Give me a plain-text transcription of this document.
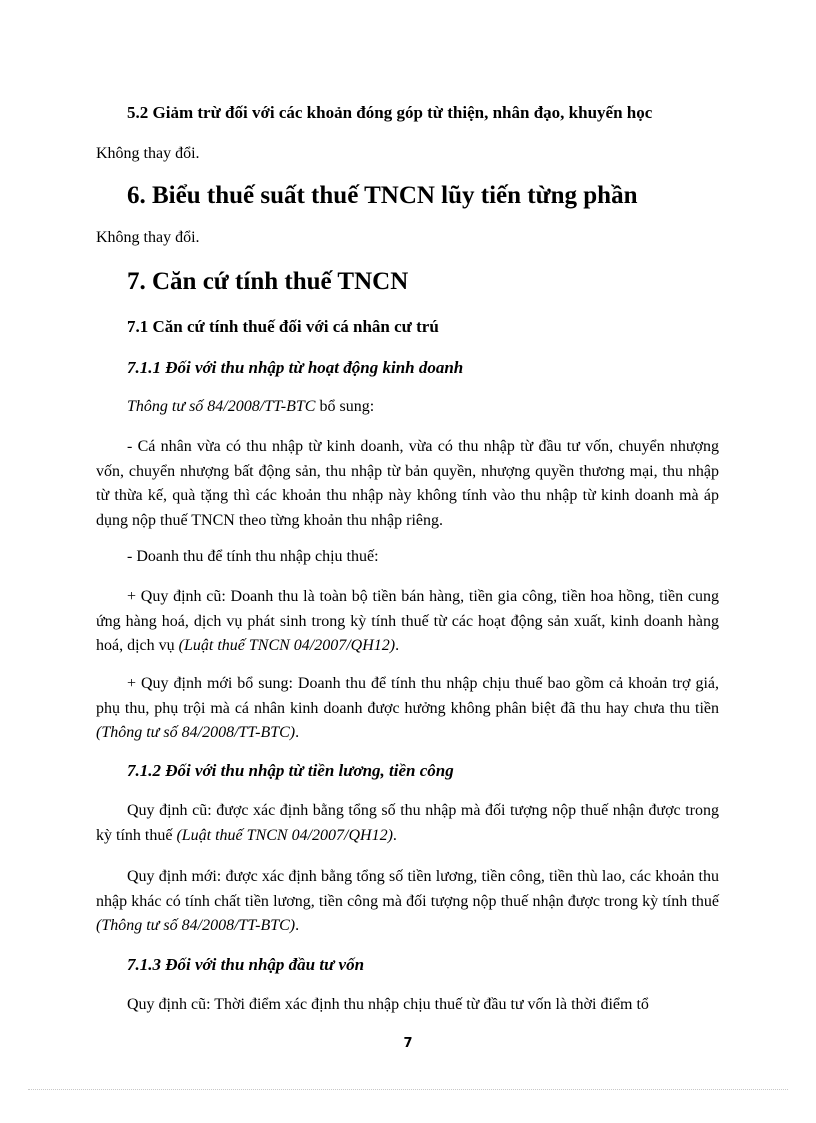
5.2 Giảm trừ đối với các khoản đóng góp từ thiện, nhân đạo, khuyến học

Không thay đổi.

6. Biểu thuế suất thuế TNCN lũy tiến từng phần

Không thay đổi.

7. Căn cứ tính thuế TNCN

7.1 Căn cứ tính thuế đối với cá nhân cư trú

7.1.1 Đối với thu nhập từ hoạt động kinh doanh

Thông tư số 84/2008/TT-BTC bổ sung:

- Cá nhân vừa có thu nhập từ kinh doanh, vừa có thu nhập từ đầu tư vốn, chuyển nhượng vốn, chuyển nhượng bất động sản, thu nhập từ bản quyền, nhượng quyền thương mại, thu nhập từ thừa kế, quà tặng thì các khoản thu nhập này không tính vào thu nhập từ kinh doanh mà áp dụng nộp thuế TNCN theo từng khoản thu nhập riêng.

- Doanh thu để tính thu nhập chịu thuế:

+ Quy định cũ: Doanh thu là toàn bộ tiền bán hàng, tiền gia công, tiền hoa hồng, tiền cung ứng hàng hoá, dịch vụ phát sinh trong kỳ tính thuế từ các hoạt động sản xuất, kinh doanh hàng hoá, dịch vụ (Luật thuế TNCN 04/2007/QH12).

+ Quy định mới bổ sung: Doanh thu để tính thu nhập chịu thuế bao gồm cả khoản trợ giá, phụ thu, phụ trội mà cá nhân kinh doanh được hưởng không phân biệt đã thu hay chưa thu tiền (Thông tư số 84/2008/TT-BTC).

7.1.2 Đối với thu nhập từ tiền lương, tiền công

Quy định cũ: được xác định bằng tổng số thu nhập mà đối tượng nộp thuế nhận được trong kỳ tính thuế (Luật thuế TNCN 04/2007/QH12).

Quy định mới: được xác định bằng tổng số tiền lương, tiền công, tiền thù lao, các khoản thu nhập khác có tính chất tiền lương, tiền công mà đối tượng nộp thuế nhận được trong kỳ tính thuế (Thông tư số 84/2008/TT-BTC).

7.1.3 Đối với thu nhập đầu tư vốn

Quy định cũ: Thời điểm xác định thu nhập chịu thuế từ đầu tư vốn là thời điểm tổ

7
